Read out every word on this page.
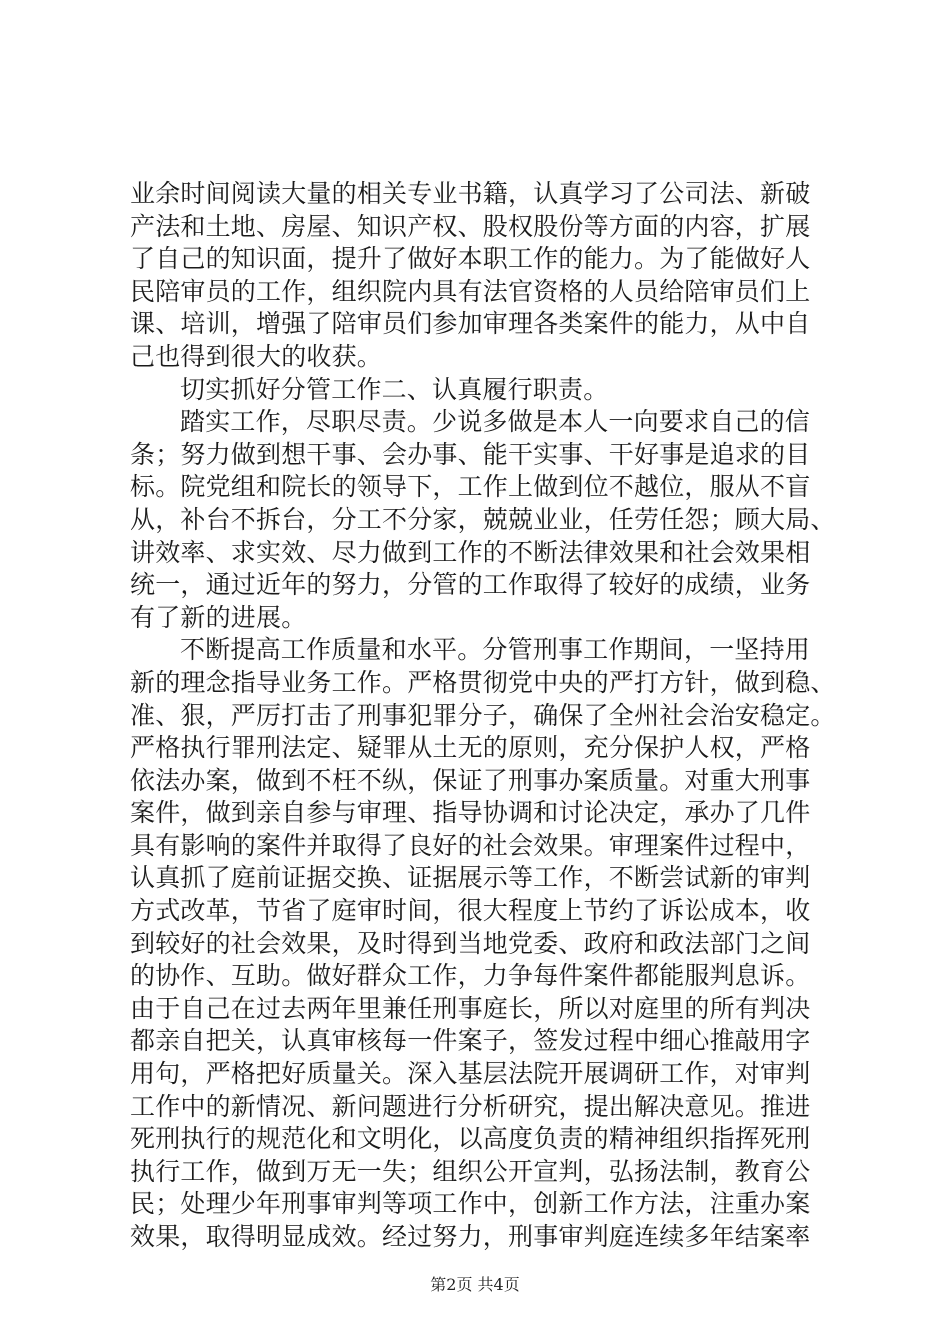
业余时间阅读大量的相关专业书籍，认真学习了公司法、新破
产法和土地、房屋、知识产权、股权股份等方面的内容，扩展
了自己的知识面，提升了做好本职工作的能力。为了能做好人
民陪审员的工作，组织院内具有法官资格的人员给陪审员们上
课、培训，增强了陪审员们参加审理各类案件的能力，从中自
己也得到很大的收获。
切实抓好分管工作二、认真履行职责。
踏实工作，尽职尽责。少说多做是本人一向要求自己的信
条；努力做到想干事、会办事、能干实事、干好事是追求的目
标。院党组和院长的领导下，工作上做到位不越位，服从不盲
从，补台不拆台，分工不分家，兢兢业业，任劳任怨；顾大局、
讲效率、求实效、尽力做到工作的不断法律效果和社会效果相
统一，通过近年的努力，分管的工作取得了较好的成绩，业务
有了新的进展。
不断提高工作质量和水平。分管刑事工作期间，一坚持用
新的理念指导业务工作。严格贯彻党中央的严打方针，做到稳、
准、狠，严厉打击了刑事犯罪分子，确保了全州社会治安稳定。
严格执行罪刑法定、疑罪从土无的原则，充分保护人权，严格
依法办案，做到不枉不纵，保证了刑事办案质量。对重大刑事
案件，做到亲自参与审理、指导协调和讨论决定，承办了几件
具有影响的案件并取得了良好的社会效果。审理案件过程中，
认真抓了庭前证据交换、证据展示等工作，不断尝试新的审判
方式改革，节省了庭审时间，很大程度上节约了诉讼成本，收
到较好的社会效果，及时得到当地党委、政府和政法部门之间
的协作、互助。做好群众工作，力争每件案件都能服判息诉。
由于自己在过去两年里兼任刑事庭长，所以对庭里的所有判决
都亲自把关，认真审核每一件案子，签发过程中细心推敲用字
用句，严格把好质量关。深入基层法院开展调研工作，对审判
工作中的新情况、新问题进行分析研究，提出解决意见。推进
死刑执行的规范化和文明化，以高度负责的精神组织指挥死刑
执行工作，做到万无一失；组织公开宣判，弘扬法制，教育公
民；处理少年刑事审判等项工作中，创新工作方法，注重办案
效果，取得明显成效。经过努力，刑事审判庭连续多年结案率
第2页 共4页
